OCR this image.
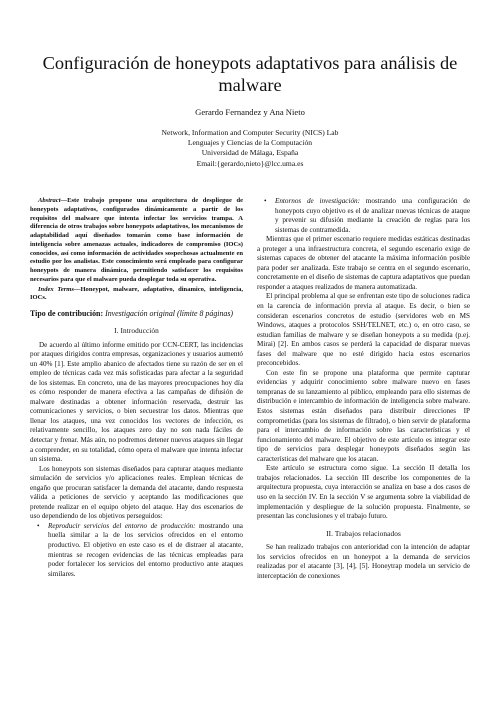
Configuración de honeypots adaptativos para análisis de malware
Gerardo Fernandez y Ana Nieto
Network, Information and Computer Security (NICS) Lab
Lenguajes y Ciencias de la Computación
Universidad de Málaga, España
Email:{gerardo,nieto}@lcc.uma.es

Abstract—Este trabajo propone una arquitectura de despliegue de honeypots adaptativos, configurados dinámicamente a partir de los requisitos del malware que intenta infectar los servicios trampa. A diferencia de otros trabajos sobre honeypots adaptativos, los mecanismos de adaptabilidad aquí diseñados tomarán como base información de inteligencia sobre amenazas actuales, indicadores de compromiso (IOCs) conocidos, así como información de actividades sospechosas actualmente en estudio por los analistas. Este conocimiento será empleado para configurar honeypots de manera dinámica, permitiendo satisfacer los requisitos necesarios para que el malware pueda desplegar toda su operativa.

Index Terms—Honeypot, malware, adaptativo, dinamico, inteligencia, IOCs.

Tipo de contribución: Investigación original (límite 8 páginas)

I. Introducción

De acuerdo al último informe emitido por CCN-CERT, las incidencias por ataques dirigidos contra empresas, organizaciones y usuarios aumentó un 40% [1]. Este amplio abanico de afectados tiene su razón de ser en el empleo de técnicas cada vez más sofisticadas para afectar a la seguridad de los sistemas. En concreto, una de las mayores preocupaciones hoy día es cómo responder de manera efectiva a las campañas de difusión de malware destinadas a obtener información reservada, destruir las comunicaciones y servicios, o bien secuestrar los datos. Mientras que llenar los ataques, una vez conocidos los vectores de infección, es relativamente sencillo, los ataques zero day no son nada fáciles de detectar y frenar. Más aún, no podremos detener nuevos ataques sin llegar a comprender, en su totalidad, cómo opera el malware que intenta infectar un sistema.

Los honeypots son sistemas diseñados para capturar ataques mediante simulación de servicios y/o aplicaciones reales. Emplean técnicas de engaño que procuran satisfacer la demanda del atacante, dando respuesta válida a peticiones de servicio y aceptando las modificaciones que pretende realizar en el equipo objeto del ataque. Hay dos escenarios de uso dependiendo de los objetivos perseguidos:

• Reproducir servicios del entorno de producción: mostrando una huella similar a la de los servicios ofrecidos en el entorno productivo. El objetivo en este caso es el de distraer al atacante, mientras se recogen evidencias de las técnicas empleadas para poder fortalecer los servicios del entorno productivo ante ataques similares.

• Entornos de investigación: mostrando una configuración de honeypots cuyo objetivo es el de analizar nuevas técnicas de ataque y prevenir su difusión mediante la creación de reglas para los sistemas de contramedida.

Mientras que el primer escenario requiere medidas estáticas destinadas a proteger a una infraestructura concreta, el segundo escenario exige de sistemas capaces de obtener del atacante la máxima información posible para poder ser analizada. Este trabajo se centra en el segundo escenario, concretamente en el diseño de sistemas de captura adaptativos que puedan responder a ataques realizados de manera automatizada.

El principal problema al que se enfrentan este tipo de soluciones radica en la carencia de información previa al ataque. Es decir, o bien se consideran escenarios concretos de estudio (servidores web en MS Windows, ataques a protocolos SSH/TELNET, etc.) o, en otro caso, se estudian familias de malware y se diseñan honeypots a su medida (p.ej. Mirai) [2]. En ambos casos se perderá la capacidad de disparar nuevas fases del malware que no esté dirigido hacia estos escenarios preconcebidos.

Con este fin se propone una plataforma que permite capturar evidencias y adquirir conocimiento sobre malware nuevo en fases tempranas de su lanzamiento al público, empleando para ello sistemas de distribución e intercambio de información de inteligencia sobre malware. Estos sistemas están diseñados para distribuir direcciones IP comprometidas (para los sistemas de filtrado), o bien servir de plataforma para el intercambio de información sobre las características y el funcionamiento del malware. El objetivo de este artículo es integrar este tipo de servicios para desplegar honeypots diseñados según las características del malware que los atacan.

Este artículo se estructura como sigue. La sección II detalla los trabajos relacionados. La sección III describe los componentes de la arquitectura propuesta, cuya interacción se analiza en base a dos casos de uso en la sección IV. En la sección V se argumenta sobre la viabilidad de implementación y despliegue de la solución propuesta. Finalmente, se presentan las conclusiones y el trabajo futuro.

II. Trabajos relacionados

Se han realizado trabajos con anterioridad con la intención de adaptar los servicios ofrecidos en un honeypot a la demanda de servicios realizadas por el atacante [3], [4], [5]. Honeytrap modela un servicio de interceptación de conexiones
